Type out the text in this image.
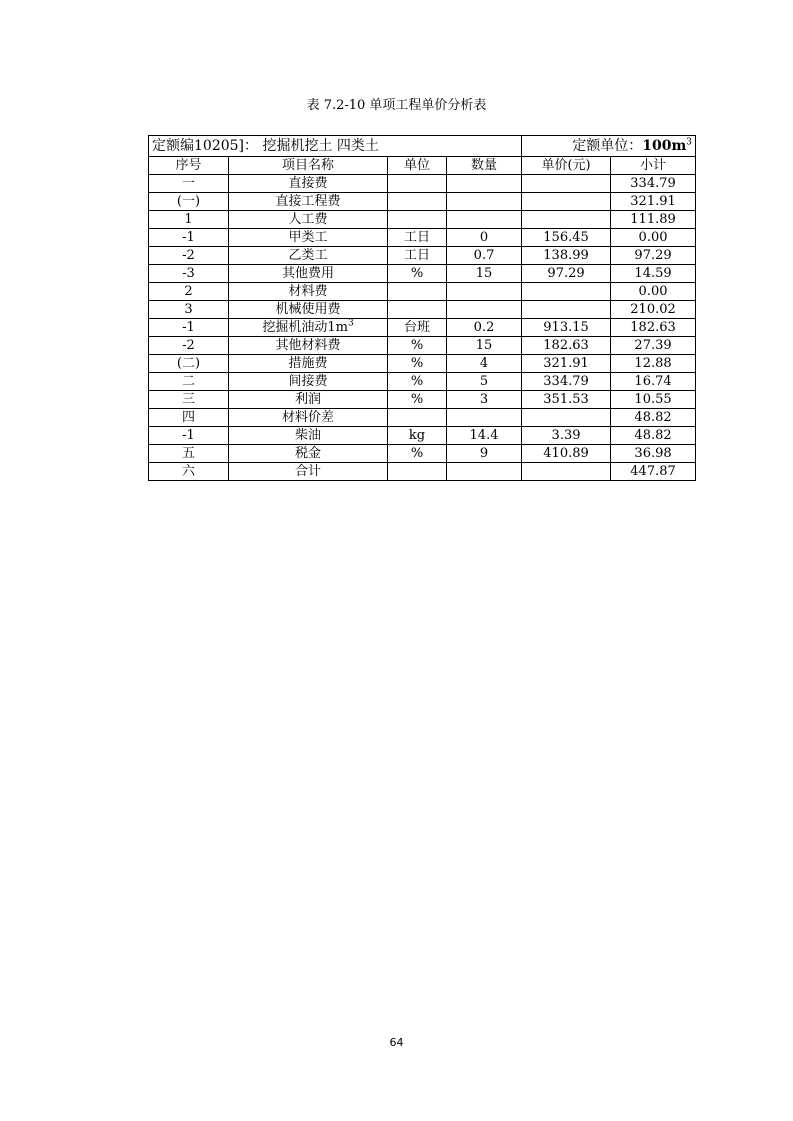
表 7.2-10 单项工程单价分析表
定额编10205]： 挖掘机挖土 四类土				定额单位：$100m^3$
序号	项目名称	单位	数量	单价(元)	小计
一	直接费				334.79
(一)	直接工程费				321.91
1	人工费				111.89
-1	甲类工	工日	0	156.45	0.00
-2	乙类工	工日	0.7	138.99	97.29
-3	其他费用	%	15	97.29	14.59
2	材料费				0.00
3	机械使用费				210.02
-1	挖掘机油动$1m^3$	台班	0.2	913.15	182.63
-2	其他材料费	%	15	182.63	27.39
(二)	措施费	%	4	321.91	12.88
二	间接费	%	5	334.79	16.74
三	利润	%	3	351.53	10.55
四	材料价差				48.82
-1	柴油	kg	14.4	3.39	48.82
五	税金	%	9	410.89	36.98
六	合计				447.87
64
